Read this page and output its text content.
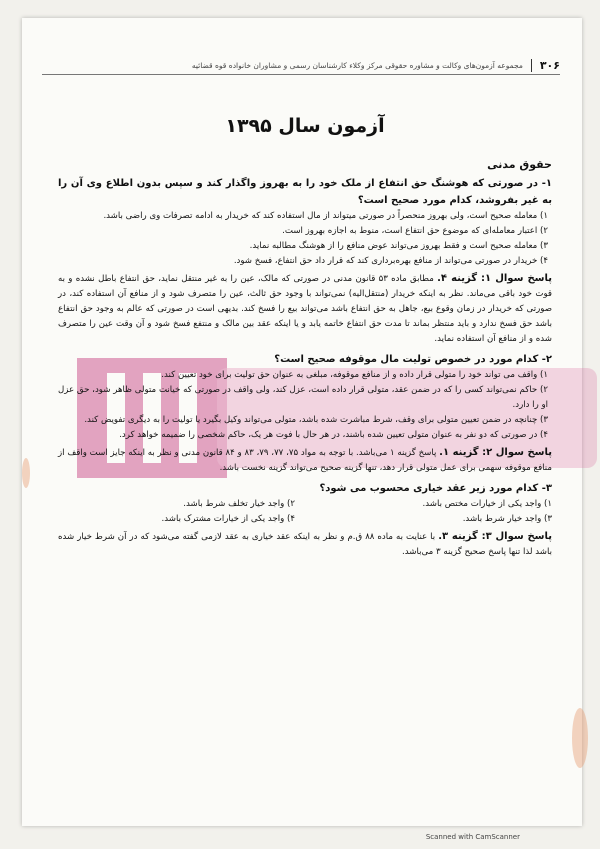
۳۰۶
مجموعه آزمون‌های وکالت و مشاوره حقوقی مرکز وکلاء کارشناسان رسمی و مشاوران خانواده قوه قضائیه
آزمون سال ۱۳۹۵
حقوق مدنی
۱- در صورتی که هوشنگ حق انتفاع از ملک خود را به بهروز واگذار کند و سپس بدون اطلاع وی آن را به غیر بفروشد، کدام مورد صحیح است؟
۱) معامله صحیح است، ولی بهروز منحصراً در صورتی میتواند از مال استفاده کند که خریدار به ادامه تصرفات وی راضی باشد.
۲) اعتبار معامله‌ای که موضوع حق انتفاع است، منوط به اجازه بهروز است.
۳) معامله صحیح است و فقط بهروز می‌تواند عوض منافع را از هوشنگ مطالبه نماید.
۴) خریدار در صورتی می‌تواند از منافع بهره‌برداری کند که قرار داد حق انتفاع، فسخ شود.
پاسخ سوال ۱: گزینه ۴. مطابق ماده ۵۳ قانون مدنی در صورتی که مالک، عین را به غیر منتقل نماید، حق انتفاع باطل نشده و به قوت خود باقی می‌ماند. نظر به اینکه خریدار (منتقل‌الیه) نمی‌تواند با وجود حق ثالث، عین را متصرف شود و از منافع آن استفاده کند، در صورتی که خریدار در زمان وقوع بیع، جاهل به حق انتفاع باشد می‌تواند بیع را فسخ کند. بدیهی است در صورتی که عالم به وجود حق انتفاع باشد حق فسخ ندارد و باید منتظر بماند تا مدت حق انتفاع خاتمه یابد و یا اینکه عقد بین مالک و منتفع فسخ شود و آن وقت عین را متصرف شده و از منافع آن استفاده نماید.
۲- کدام مورد در خصوص تولیت مال موقوفه صحیح است؟
۱) واقف می تواند خود را متولی قرار داده و از منافع موقوفه، مبلغی به عنوان حق تولیت برای خود تعیین کند.
۲) حاکم نمی‌تواند کسی را که در ضمن عقد، متولی قرار داده است، عزل کند، ولی واقف در صورتی که خیانت متولی ظاهر شود، حق عزل او را دارد.
۳) چنانچه در ضمن تعیین متولی برای وقف، شرط مباشرت شده باشد، متولی می‌تواند وکیل بگیرد یا تولیت را به دیگری تفویض کند.
۴) در صورتی که دو نفر به عنوان متولی تعیین شده باشند، در هر حال با فوت هر یک، حاکم شخصی را ضمیمه خواهد کرد.
پاسخ سوال ۲: گزینه ۱. پاسخ گزینه ۱ می‌باشد. با توجه به مواد ۷۵، ۷۷، ۷۹، ۸۳ و ۸۴ قانون مدنی و نظر به اینکه جایز است واقف از منافع موقوفه سهمی برای عمل متولی قرار دهد، تنها گزینه صحیح می‌تواند گزینه نخست باشد.
۳- کدام مورد زیر عقد خیاری محسوب می شود؟
۱) واجد یکی از خیارات مختص باشد.
۲) واجد خیار تخلف شرط باشد.
۳) واجد خیار شرط باشد.
۴) واجد یکی از خیارات مشترک باشد.
پاسخ سوال ۳: گزینه ۳. با عنایت به ماده ۸۸ ق.م و نظر به اینکه عقد خیاری به عقد لازمی گفته می‌شود که در آن شرط خیار شده باشد لذا تنها پاسخ صحیح گزینه ۳ می‌باشد.
Scanned with CamScanner
